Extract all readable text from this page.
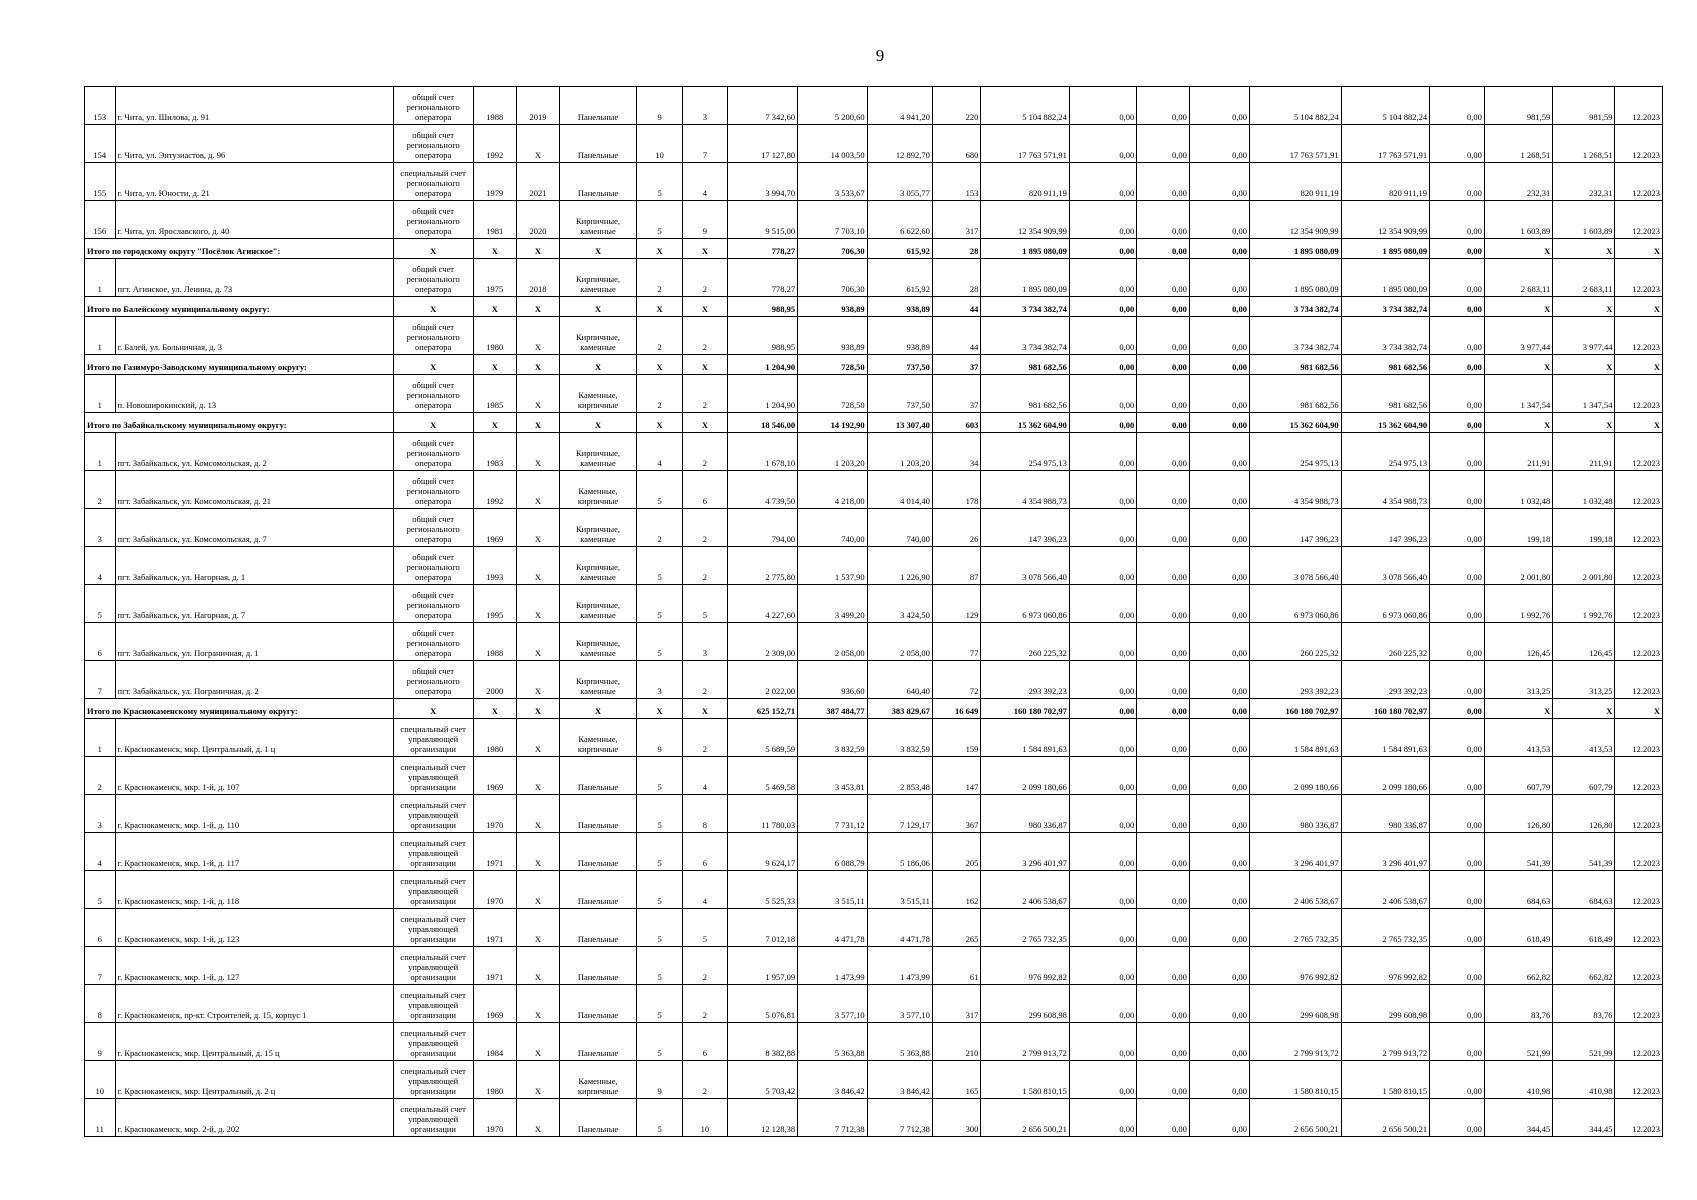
9
153	г. Чита, ул. Шилова, д. 91	общий счет регионального оператора	1988	2019	Панельные	9	3	7 342,60	5 200,60	4 941,20	220	5 104 882,24	0,00	0,00	0,00	5 104 882,24	5 104 882,24	0,00	981,59	981,59	12.2023
154	г. Чита, ул. Энтузиастов, д. 96	общий счет регионального оператора	1992	Х	Панельные	10	7	17 127,80	14 003,50	12 892,70	680	17 763 571,91	0,00	0,00	0,00	17 763 571,91	17 763 571,91	0,00	1 268,51	1 268,51	12.2023
155	г. Чита, ул. Юности, д. 21	специальный счет регионального оператора	1979	2021	Панельные	5	4	3 994,70	3 533,67	3 055,77	153	820 911,19	0,00	0,00	0,00	820 911,19	820 911,19	0,00	232,31	232,31	12.2023
156	г. Чита, ул. Ярославского, д. 40	общий счет регионального оператора	1981	2020	Кирпичные, каменные	5	9	9 515,00	7 703,10	6 622,60	317	12 354 909,99	0,00	0,00	0,00	12 354 909,99	12 354 909,99	0,00	1 603,89	1 603,89	12.2023
Итого по городскому округу "Посёлок Агинское":		Х	Х	Х	Х	Х	Х	778,27	706,30	615,92	28	1 895 080,09	0,00	0,00	0,00	1 895 080,09	1 895 080,09	0,00	Х	Х	Х
1	пгт. Агинское, ул. Ленина, д. 73	общий счет регионального оператора	1975	2018	Кирпичные, каменные	2	2	778,27	706,30	615,92	28	1 895 080,09	0,00	0,00	0,00	1 895 080,09	1 895 080,09	0,00	2 683,11	2 683,11	12.2023
Итого по Балейскому муниципальному округу:		Х	Х	Х	Х	Х	Х	988,95	938,89	938,89	44	3 734 382,74	0,00	0,00	0,00	3 734 382,74	3 734 382,74	0,00	Х	Х	Х
1	г. Балей, ул. Больничная, д. 3	общий счет регионального оператора	1980	Х	Кирпичные, каменные	2	2	988,95	938,89	938,89	44	3 734 382,74	0,00	0,00	0,00	3 734 382,74	3 734 382,74	0,00	3 977,44	3 977,44	12.2023
Итого по Газимуро-Заводскому муниципальному округу:		Х	Х	Х	Х	Х	Х	1 204,90	728,50	737,50	37	981 682,56	0,00	0,00	0,00	981 682,56	981 682,56	0,00	Х	Х	Х
1	п. Новоширокинский, д. 13	общий счет регионального оператора	1985	Х	Каменные, кирпичные	2	2	1 204,90	728,50	737,50	37	981 682,56	0,00	0,00	0,00	981 682,56	981 682,56	0,00	1 347,54	1 347,54	12.2023
Итого по Забайкальскому муниципальному округу:		Х	Х	Х	Х	Х	Х	18 546,00	14 192,90	13 307,40	603	15 362 604,90	0,00	0,00	0,00	15 362 604,90	15 362 604,90	0,00	Х	Х	Х
1	пгт. Забайкальск, ул. Комсомольская, д. 2	общий счет регионального оператора	1983	Х	Кирпичные, каменные	4	2	1 678,10	1 203,20	1 203,20	34	254 975,13	0,00	0,00	0,00	254 975,13	254 975,13	0,00	211,91	211,91	12.2023
2	пгт. Забайкальск, ул. Комсомольская, д. 21	общий счет регионального оператора	1992	Х	Каменные, кирпичные	5	6	4 739,50	4 218,00	4 014,40	178	4 354 988,73	0,00	0,00	0,00	4 354 988,73	4 354 988,73	0,00	1 032,48	1 032,48	12.2023
3	пгт. Забайкальск, ул. Комсомольская, д. 7	общий счет регионального оператора	1969	Х	Кирпичные, каменные	2	2	794,00	740,00	740,00	26	147 396,23	0,00	0,00	0,00	147 396,23	147 396,23	0,00	199,18	199,18	12.2023
4	пгт. Забайкальск, ул. Нагорная, д. 1	общий счет регионального оператора	1993	Х	Кирпичные, каменные	5	2	2 775,80	1 537,90	1 226,90	87	3 078 566,40	0,00	0,00	0,00	3 078 566,40	3 078 566,40	0,00	2 001,80	2 001,80	12.2023
5	пгт. Забайкальск, ул. Нагорная, д. 7	общий счет регионального оператора	1995	Х	Кирпичные, каменные	5	5	4 227,60	3 499,20	3 424,50	129	6 973 060,86	0,00	0,00	0,00	6 973 060,86	6 973 060,86	0,00	1 992,76	1 992,76	12.2023
6	пгт. Забайкальск, ул. Пограничная, д. 1	общий счет регионального оператора	1988	Х	Кирпичные, каменные	5	3	2 309,00	2 058,00	2 058,00	77	260 225,32	0,00	0,00	0,00	260 225,32	260 225,32	0,00	126,45	126,45	12.2023
7	пгт. Забайкальск, ул. Пограничная, д. 2	общий счет регионального оператора	2000	Х	Кирпичные, каменные	3	2	2 022,00	936,60	640,40	72	293 392,23	0,00	0,00	0,00	293 392,23	293 392,23	0,00	313,25	313,25	12.2023
Итого по Краснокаменскому муниципальному округу:		Х	Х	Х	Х	Х	Х	625 152,71	387 484,77	383 829,67	16 649	160 180 702,97	0,00	0,00	0,00	160 180 702,97	160 180 702,97	0,00	Х	Х	Х
1	г. Краснокаменск, мкр. Центральный, д. 1 ц	специальный счет управляющей организации	1980	Х	Каменные, кирпичные	9	2	5 689,59	3 832,59	3 832,59	159	1 584 891,63	0,00	0,00	0,00	1 584 891,63	1 584 891,63	0,00	413,53	413,53	12.2023
2	г. Краснокаменск, мкр. 1-й, д. 107	специальный счет управляющей организации	1969	Х	Панельные	5	4	5 469,58	3 453,81	2 853,48	147	2 099 180,66	0,00	0,00	0,00	2 099 180,66	2 099 180,66	0,00	607,79	607,79	12.2023
3	г. Краснокаменск, мкр. 1-й, д. 110	специальный счет управляющей организации	1970	Х	Панельные	5	8	11 780,03	7 731,12	7 129,17	367	980 336,87	0,00	0,00	0,00	980 336,87	980 336,87	0,00	126,80	126,80	12.2023
4	г. Краснокаменск, мкр. 1-й, д. 117	специальный счет управляющей организации	1971	Х	Панельные	5	6	9 624,17	6 088,79	5 186,06	205	3 296 401,97	0,00	0,00	0,00	3 296 401,97	3 296 401,97	0,00	541,39	541,39	12.2023
5	г. Краснокаменск, мкр. 1-й, д. 118	специальный счет управляющей организации	1970	Х	Панельные	5	4	5 525,33	3 515,11	3 515,11	162	2 406 538,67	0,00	0,00	0,00	2 406 538,67	2 406 538,67	0,00	684,63	684,63	12.2023
6	г. Краснокаменск, мкр. 1-й, д. 123	специальный счет управляющей организации	1971	Х	Панельные	5	5	7 012,18	4 471,78	4 471,78	265	2 765 732,35	0,00	0,00	0,00	2 765 732,35	2 765 732,35	0,00	618,49	618,49	12.2023
7	г. Краснокаменск, мкр. 1-й, д. 127	специальный счет управляющей организации	1971	Х	Панельные	5	2	1 957,09	1 473,99	1 473,99	61	976 992,82	0,00	0,00	0,00	976 992,82	976 992,82	0,00	662,82	662,82	12.2023
8	г. Краснокаменск, пр-кт. Строителей, д. 15, корпус 1	специальный счет управляющей организации	1969	Х	Панельные	5	2	5 076,81	3 577,10	3 577,10	317	299 608,98	0,00	0,00	0,00	299 608,98	299 608,98	0,00	83,76	83,76	12.2023
9	г. Краснокаменск, мкр. Центральный, д. 15 ц	специальный счет управляющей организации	1984	Х	Панельные	5	6	8 382,88	5 363,88	5 363,88	210	2 799 913,72	0,00	0,00	0,00	2 799 913,72	2 799 913,72	0,00	521,99	521,99	12.2023
10	г. Краснокаменск, мкр. Центральный, д. 2 ц	специальный счет управляющей организации	1980	Х	Каменные, кирпичные	9	2	5 703,42	3 846,42	3 846,42	165	1 580 810,15	0,00	0,00	0,00	1 580 810,15	1 580 810,15	0,00	410,98	410,98	12.2023
11	г. Краснокаменск, мкр. 2-й, д. 202	специальный счет управляющей организации	1970	Х	Панельные	5	10	12 128,38	7 712,38	7 712,38	300	2 656 500,21	0,00	0,00	0,00	2 656 500,21	2 656 500,21	0,00	344,45	344,45	12.2023
